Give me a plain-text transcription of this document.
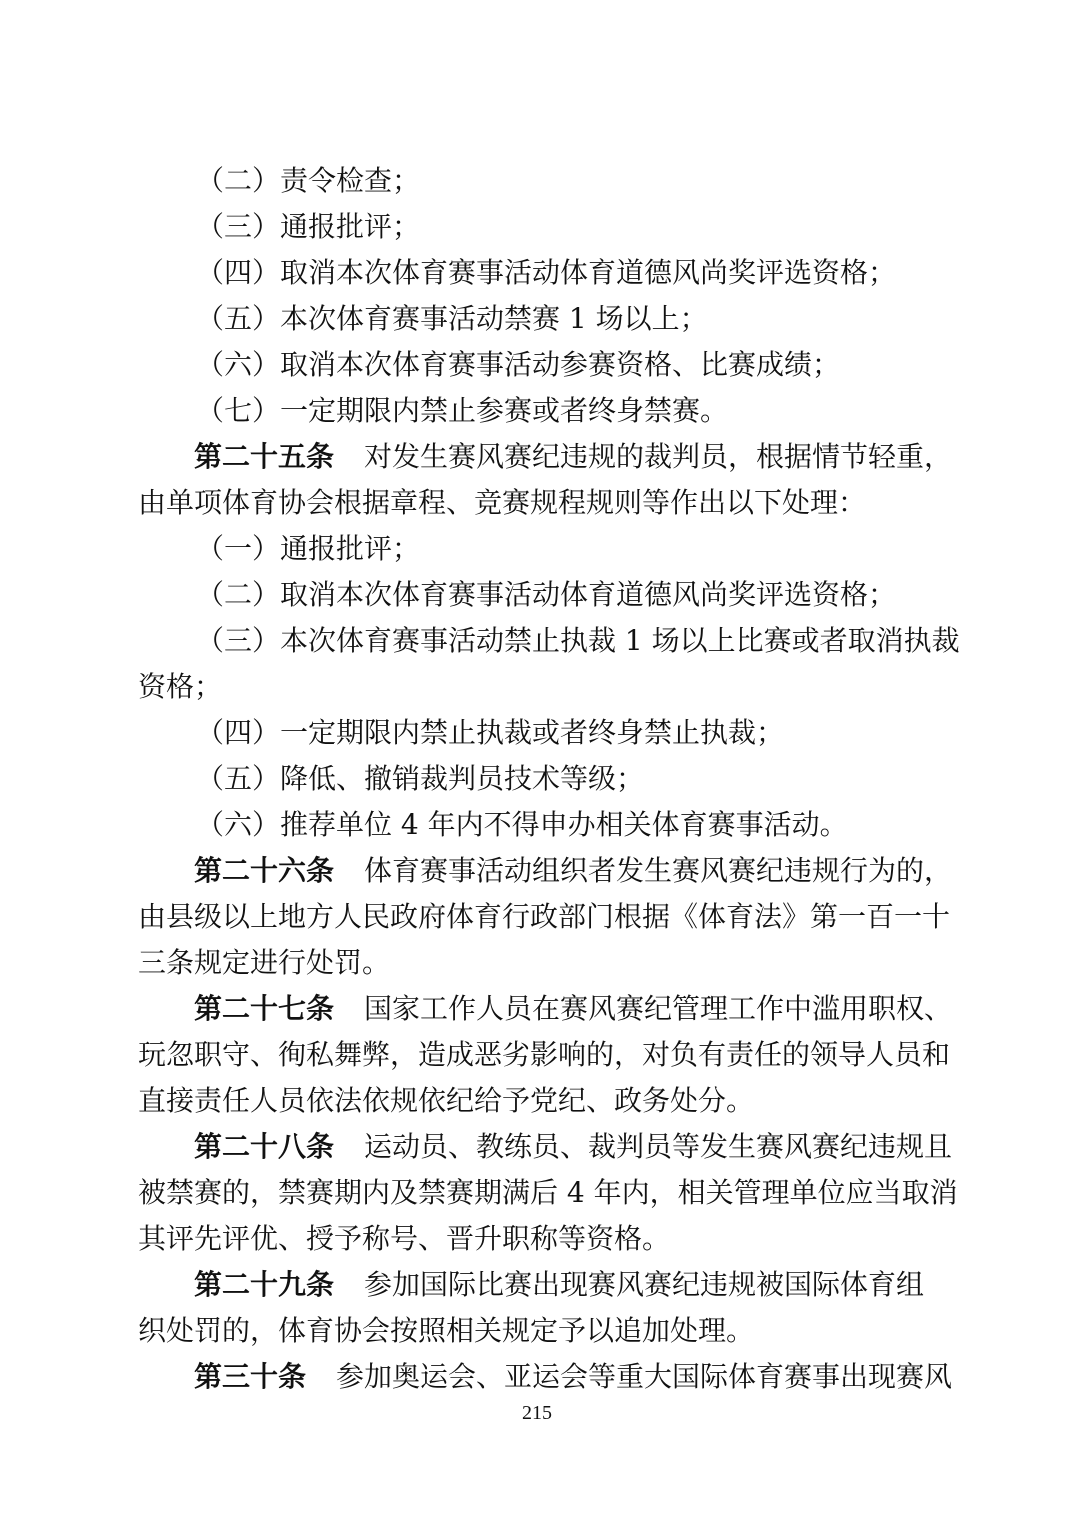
（二）责令检查；
（三）通报批评；
（四）取消本次体育赛事活动体育道德风尚奖评选资格；
（五）本次体育赛事活动禁赛 1 场以上；
（六）取消本次体育赛事活动参赛资格、比赛成绩；
（七）一定期限内禁止参赛或者终身禁赛。
第二十五条 对发生赛风赛纪违规的裁判员，根据情节轻重，
由单项体育协会根据章程、竞赛规程规则等作出以下处理：
（一）通报批评；
（二）取消本次体育赛事活动体育道德风尚奖评选资格；
（三）本次体育赛事活动禁止执裁 1 场以上比赛或者取消执裁
资格；
（四）一定期限内禁止执裁或者终身禁止执裁；
（五）降低、撤销裁判员技术等级；
（六）推荐单位 4 年内不得申办相关体育赛事活动。
第二十六条 体育赛事活动组织者发生赛风赛纪违规行为的，
由县级以上地方人民政府体育行政部门根据《体育法》第一百一十
三条规定进行处罚。
第二十七条 国家工作人员在赛风赛纪管理工作中滥用职权、
玩忽职守、徇私舞弊，造成恶劣影响的，对负有责任的领导人员和
直接责任人员依法依规依纪给予党纪、政务处分。
第二十八条 运动员、教练员、裁判员等发生赛风赛纪违规且
被禁赛的，禁赛期内及禁赛期满后 4 年内，相关管理单位应当取消
其评先评优、授予称号、晋升职称等资格。
第二十九条 参加国际比赛出现赛风赛纪违规被国际体育组
织处罚的，体育协会按照相关规定予以追加处理。
第三十条 参加奥运会、亚运会等重大国际体育赛事出现赛风
215
